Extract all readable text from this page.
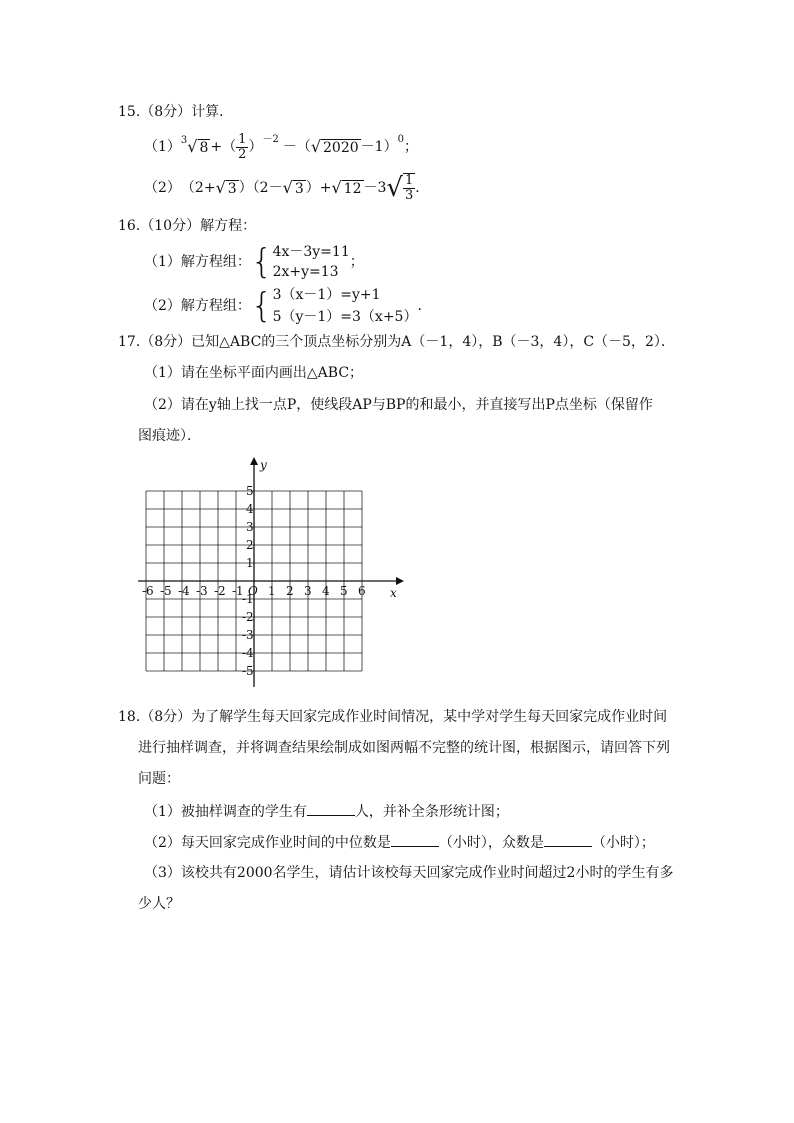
15.（8分）计算．
（1） 3 √ 8 +（ $\frac{1}{2}$ ） －2 －（ √ 2020 －1） 0 ；
（2） （2+ √ 3 ）（2－ √ 3 ）+ √ 12 －3 √ $\frac{1}{3}$ ．
16.（10分）解方程：
（1）解方程组： { 4x－3y=11
2x+y=13
；
（2）解方程组： { 3（x－1）=y+1
5（y－1）=3（x+5）
．
17.（8分）已知△ABC的三个顶点坐标分别为A（－1，4），B（－3，4），C（－5，2）．
（1）请在坐标平面内画出△ABC；
（2）请在y轴上找一点P，使线段AP与BP的和最小，并直接写出P点坐标（保留作
图痕迹）．
-6 -5 -4 -3 -2 -1 1 2 3 4 5 6
5
4
3
2
1
-1
-2
-3
-4
-5
x
y
O
18.（8分）为了解学生每天回家完成作业时间情况，某中学对学生每天回家完成作业时间
进行抽样调查，并将调查结果绘制成如图两幅不完整的统计图，根据图示，请回答下列
问题：
（1）被抽样调查的学生有	人，并补全条形统计图；
（2）每天回家完成作业时间的中位数是	（小时），众数是	（小时）；
（3）该校共有2000名学生，请估计该校每天回家完成作业时间超过2小时的学生有多
少人？
